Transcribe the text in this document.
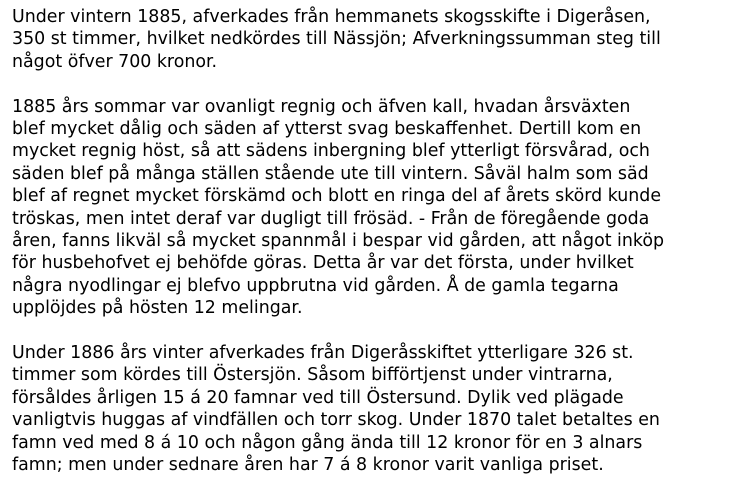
Under vintern 1885, afverkades från hemmanets skogsskifte i Digeråsen,
350 st timmer, hvilket nedkördes till Nässjön; Afverkningssumman steg till
något öfver 700 kronor.
1885 års sommar var ovanligt regnig och äfven kall, hvadan årsväxten
blef mycket dålig och säden af ytterst svag beskaffenhet. Dertill kom en
mycket regnig höst, så att sädens inbergning blef ytterligt försvårad, och
säden blef på många ställen stående ute till vintern. Såväl halm som säd
blef af regnet mycket förskämd och blott en ringa del af årets skörd kunde
tröskas, men intet deraf var dugligt till frösäd. - Från de föregående goda
åren, fanns likväl så mycket spannmål i bespar vid gården, att något inköp
för husbehofvet ej behöfde göras. Detta år var det första, under hvilket
några nyodlingar ej blefvo uppbrutna vid gården. Å de gamla tegarna
upplöjdes på hösten 12 melingar.
Under 1886 års vinter afverkades från Digeråsskiftet ytterligare 326 st.
timmer som kördes till Östersjön. Såsom bifförtjenst under vintrarna,
försåldes årligen 15 á 20 famnar ved till Östersund. Dylik ved plägade
vanligtvis huggas af vindfällen och torr skog. Under 1870 talet betaltes en
famn ved med 8 á 10 och någon gång ända till 12 kronor för en 3 alnars
famn; men under sednare åren har 7 á 8 kronor varit vanliga priset.
